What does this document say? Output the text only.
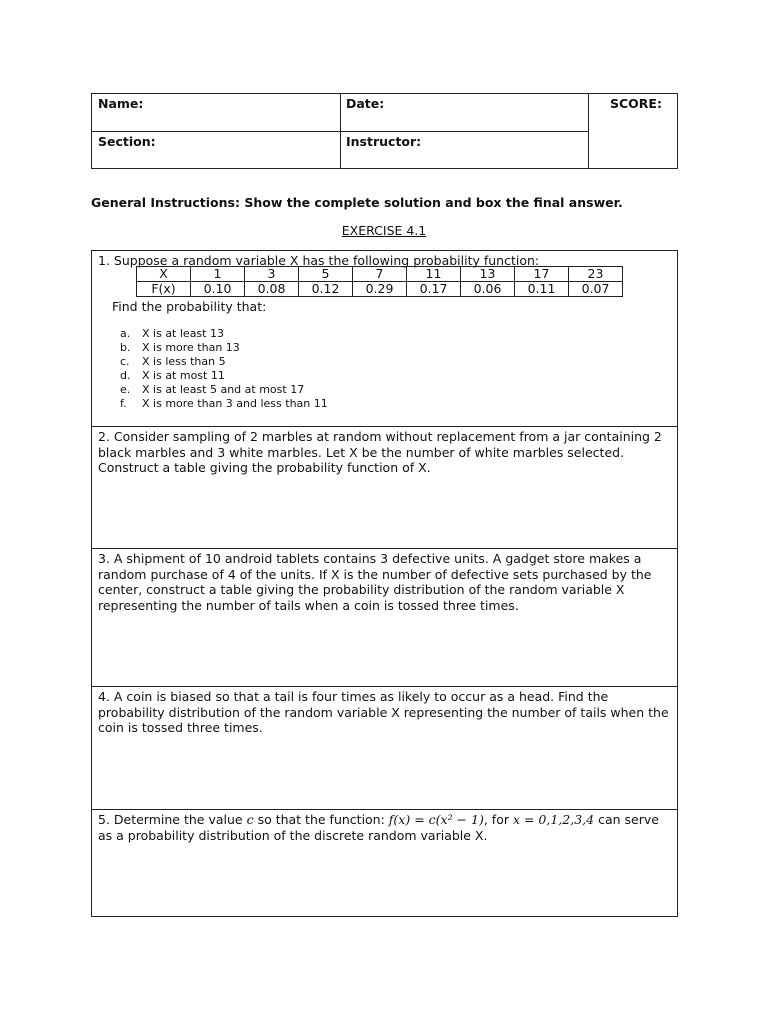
Name:	Date:	SCORE:
Section:	Instructor:
General Instructions: Show the complete solution and box the final answer.
EXERCISE 4.1

1. Suppose a random variable X has the following probability function:

X	1	3	5	7	11	13	17	23
F(x)	0.10	0.08	0.12	0.29	0.17	0.06	0.11	0.07
Find the probability that:
a.	X is at least 13
b.	X is more than 13
c.	X is less than 5
d.	X is at most 11
e.	X is at least 5 and at most 17
f.	X is more than 3 and less than 11

2. Consider sampling of 2 marbles at random without replacement from a jar containing 2 black marbles and 3 white marbles. Let X be the number of white marbles selected. Construct a table giving the probability function of X.

3. A shipment of 10 android tablets contains 3 defective units. A gadget store makes a random purchase of 4 of the units. If X is the number of defective sets purchased by the center, construct a table giving the probability distribution of the random variable X representing the number of tails when a coin is tossed three times.

4. A coin is biased so that a tail is four times as likely to occur as a head. Find the probability distribution of the random variable X representing the number of tails when the coin is tossed three times.

5. Determine the value c so that the function: f(x) = c(x² − 1), for x = 0,1,2,3,4 can serve as a probability distribution of the discrete random variable X.
